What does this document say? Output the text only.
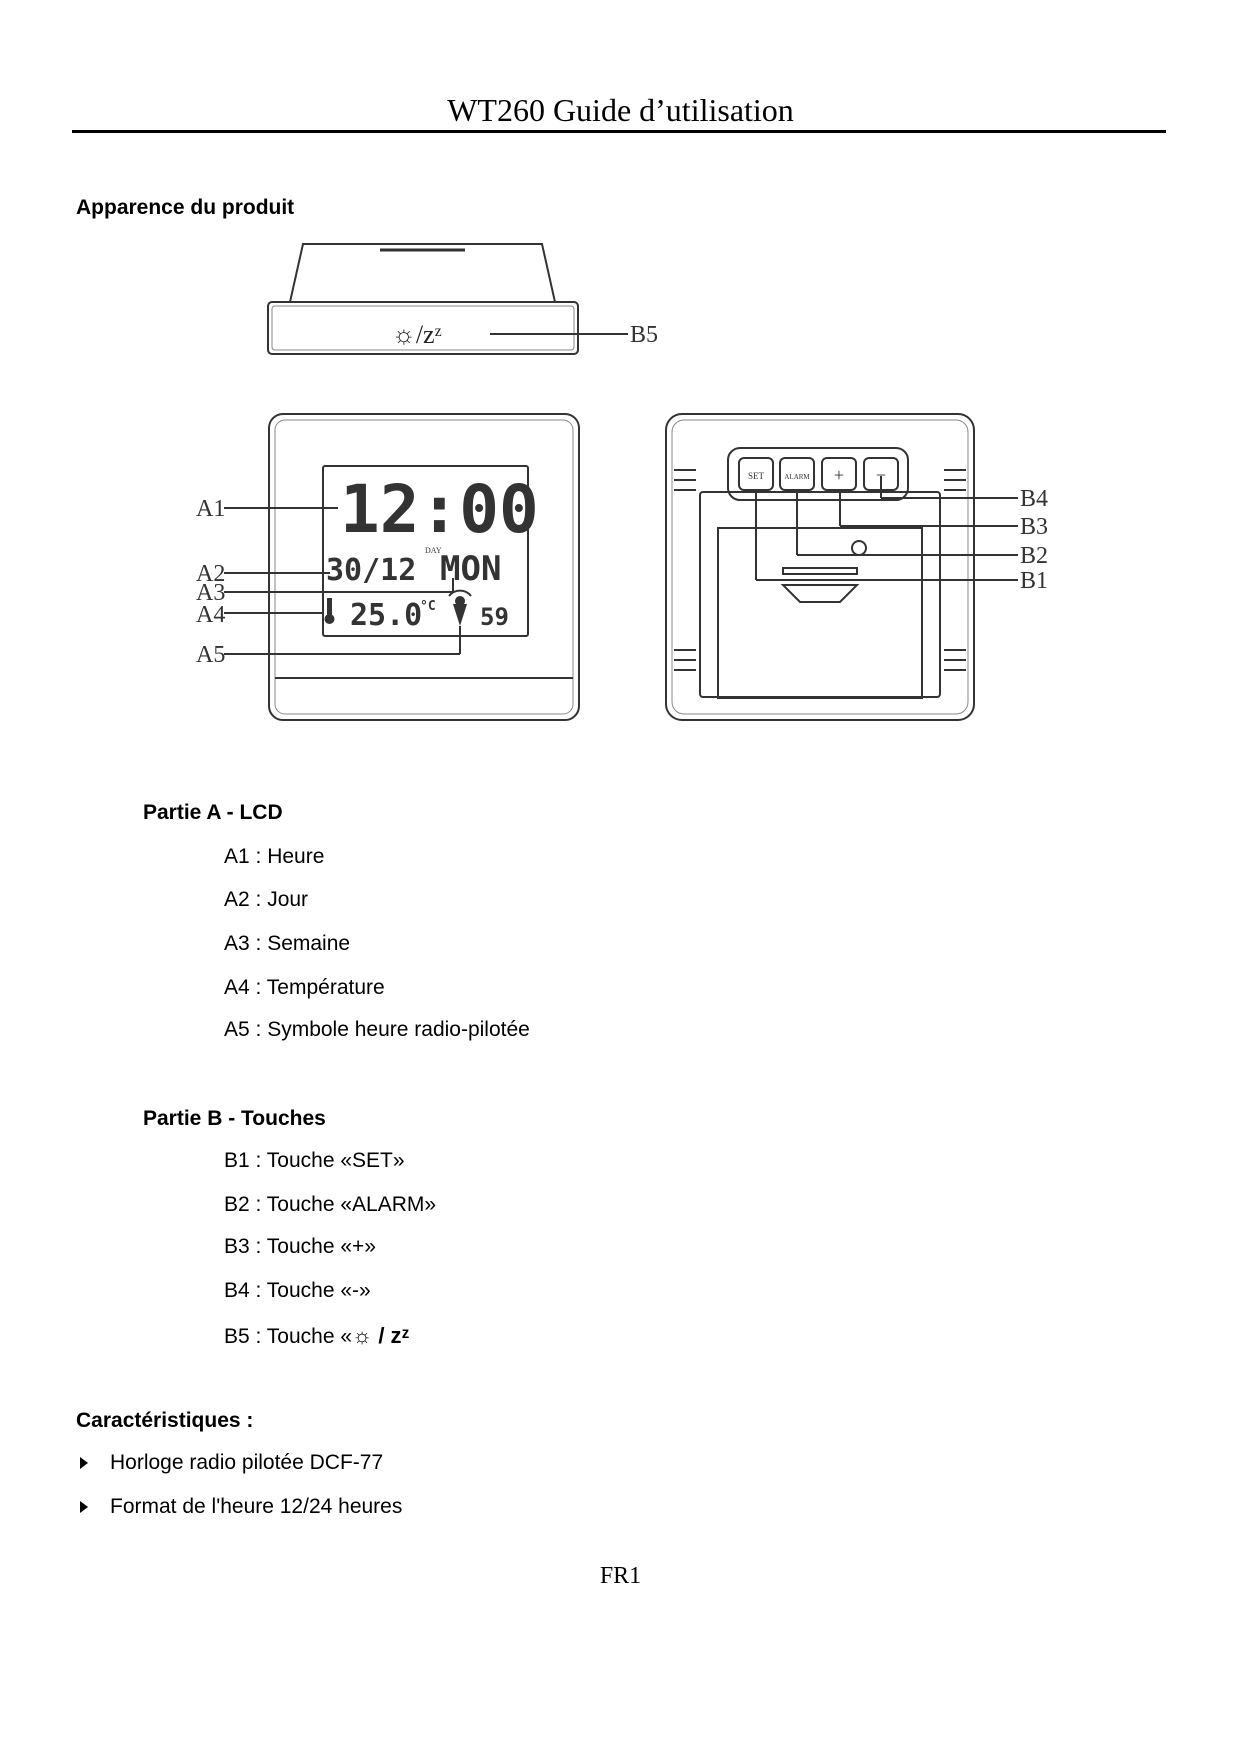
WT260 Guide d’utilisation
Apparence du produit
☼/zᶻ
12:00
30/12
DAY
MON
25.0
°C 59
SET	ALARM + −
B5
A1
A2
A3
A4
A5
B4
B3
B2
B1
Partie A - LCD
A1 : Heure
A2 : Jour
A3 : Semaine
A4 : Température
A5 : Symbole heure radio-pilotée
Partie B - Touches
B1 : Touche «SET»
B2 : Touche «ALARM»
B3 : Touche «+»
B4 : Touche «-»
B5 : Touche «☼ / zᶻ
Caractéristiques :
Horloge radio pilotée DCF-77
Format de l'heure 12/24 heures
FR1
